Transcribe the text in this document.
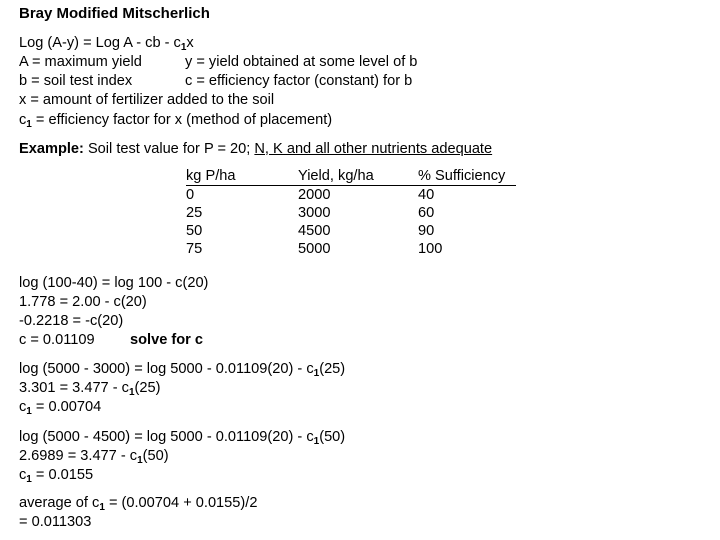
Bray Modified Mitscherlich
Log (A-y) = Log A - cb - $c_1x$
A = maximum yield	y = yield obtained at some level of b
b = soil test index	c = efficiency factor (constant) for b
x = amount of fertilizer added to the soil
$c_1$ = efficiency factor for x (method of placement)
Example: Soil test value for P = 20; N, K and all other nutrients adequate
kg P/ha
0
25
50
75
Yield, kg/ha
2000
3000
4500
5000
% Sufficiency
40
60
90
100
log (100-40) = log 100 - c(20)
1.778 = 2.00 - c(20)
-0.2218 = -c(20)
c = 0.01109 solve for c
$\log (5000 - 3000) = \log 5000 - 0.01109(20) - c_1(25)$
$3.301 = 3.477 - c_1(25)$
$c_1 = 0.00704$
$\log (5000 - 4500) = \log 5000 - 0.01109(20) - c_1(50)$
$2.6989 = 3.477 - c_1(50)$
$c_1 = 0.0155$
average of $c_1 = (0.00704 + 0.0155)/2$
= 0.011303
